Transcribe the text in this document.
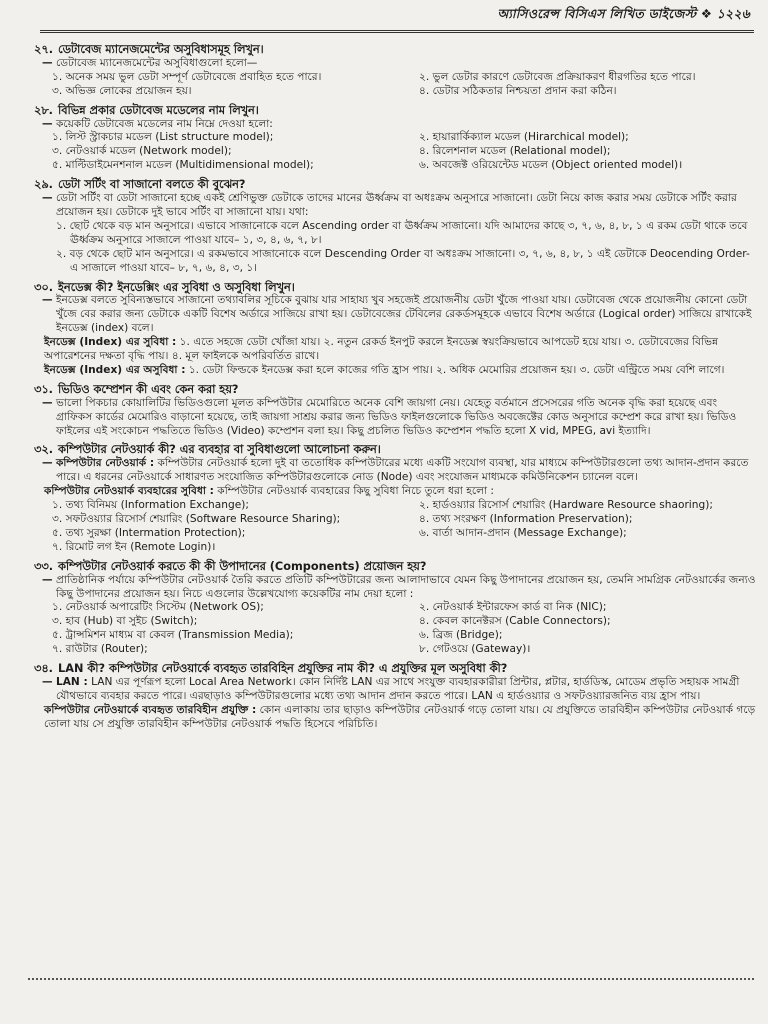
অ্যাসিওরেন্স বিসিএস লিখিত ডাইজেস্ট ❖ ১২২৬
২৭. ডেটাবেজ ম্যানেজমেন্টের অসুবিধাসমূহ লিখুন।
— ডেটাবেজ ম্যানেজমেন্টের অসুবিধাগুলো হলো—
১. অনেক সময় ভুল ডেটা সম্পূর্ণ ডেটাবেজে প্রবাহিত হতে পারে।	২. ভুল ডেটার কারণে ডেটাবেজ প্রক্রিয়াকরণ ধীরগতির হতে পারে।
৩. অভিজ্ঞ লোকের প্রয়োজন হয়।	৪. ডেটার সঠিকতার নিশ্চয়তা প্রদান করা কঠিন।
২৮. বিভিন্ন প্রকার ডেটাবেজ মডেলের নাম লিখুন।
— কয়েকটি ডেটাবেজ মডেলের নাম নিম্নে দেওয়া হলো:
১. লিস্ট স্ট্রাকচার মডেল (List structure model);	২. হায়ারার্কিক্যাল মডেল (Hirarchical model);
৩. নেটওয়ার্ক মডেল (Network model);	৪. রিলেশনাল মডেল (Relational model);
৫. মাল্টিডাইমেনশনাল মডেল (Multidimensional model);	৬. অবজেক্ট ওরিয়েন্টেড মডেল (Object oriented model)।
২৯. ডেটা সর্টিং বা সাজানো বলতে কী বুঝেন?
— ডেটা সর্টিং বা ডেটা সাজানো হচ্ছে একই শ্রেণিভুক্ত ডেটাকে তাদের মানের ঊর্ধ্বক্রম বা অধঃক্রম অনুসারে সাজানো। ডেটা নিয়ে কাজ করার সময় ডেটাকে সর্টিং করার প্রয়োজন হয়। ডেটাকে দুই ভাবে সর্টিং বা সাজানো যায়। যথা:
১. ছোট থেকে বড় মান অনুসারে। এভাবে সাজানোকে বলে Ascending order বা ঊর্ধ্বক্রম সাজানো। যদি আমাদের কাছে ৩, ৭, ৬, ৪, ৮, ১ এ রকম ডেটা থাকে তবে ঊর্ধ্বক্রম অনুসারে সাজালে পাওয়া যাবে– ১, ৩, ৪, ৬, ৭, ৮।
২. বড় থেকে ছোট মান অনুসারে। এ রকমভাবে সাজানোকে বলে Descending Order বা অধঃক্রম সাজানো। ৩, ৭, ৬, ৪, ৮, ১ এই ডেটাকে Deocending Order-এ সাজালে পাওয়া যাবে– ৮, ৭, ৬, ৪, ৩, ১।
৩০. ইনডেক্স কী? ইনডেক্সিং এর সুবিধা ও অসুবিধা লিখুন।
— ইনডেক্স বলতে সুবিন্যস্তভাবে সাজানো তথ্যাবলির সূচিকে বুঝায় যার সাহায্য খুব সহজেই প্রয়োজনীয় ডেটা খুঁজে পাওয়া যায়। ডেটাবেজ থেকে প্রয়োজনীয় কোনো ডেটা খুঁজে বের করার জন্য ডেটাকে একটি বিশেষ অর্ডারে সাজিয়ে রাখা হয়। ডেটাবেজের টেবিলের রেকর্ডসমূহকে এভাবে বিশেষ অর্ডারে (Logical order) সাজিয়ে রাখাকেই ইনডেক্স (index) বলে।
ইনডেক্স (Index) এর সুবিধা : ১. এতে সহজে ডেটা খোঁজা যায়। ২. নতুন রেকর্ড ইনপুট করলে ইনডেক্স স্বয়ংক্রিয়ভাবে আপডেট হয়ে যায়। ৩. ডেটাবেজের বিভিন্ন অপারেশনের দক্ষতা বৃদ্ধি পায়। ৪. মূল ফাইলকে অপরিবর্তিত রাখে।
ইনডেক্স (Index) এর অসুবিধা : ১. ডেটা ফিল্ডকে ইনডেক্স করা হলে কাজের গতি হ্রাস পায়। ২. অধিক মেমোরির প্রয়োজন হয়। ৩. ডেটা এন্ট্রিতে সময় বেশি লাগে।
৩১. ভিডিও কম্প্রেশন কী এবং কেন করা হয়?
— ভালো পিকচার কোয়ালিটির ভিডিওগুলো মূলত কম্পিউটার মেমোরিতে অনেক বেশি জায়গা নেয়। যেহেতু বর্তমানে প্রসেসরের গতি অনেক বৃদ্ধি করা হয়েছে এবং গ্রাফিকস কার্ডের মেমোরিও বাড়ানো হয়েছে, তাই জায়গা সাশ্রয় করার জন্য ভিডিও ফাইলগুলোকে ভিডিও অবজেক্টের কোড অনুসারে কম্প্রেশ করে রাখা হয়। ভিডিও ফাইলের এই সংকোচন পদ্ধতিতে ভিডিও (Video) কম্প্রেশন বলা হয়। কিছু প্রচলিত ভিডিও কম্প্রেশন পদ্ধতি হলো X vid, MPEG, avi ইত্যাদি।
৩২. কম্পিউটার নেটওয়ার্ক কী? এর ব্যবহার বা সুবিধাগুলো আলোচনা করুন।
— কম্পিউটার নেটওয়ার্ক : কম্পিউটার নেটওয়ার্ক হলো দুই বা ততোধিক কম্পিউটারের মধ্যে একটি সংযোগ ব্যবস্থা, যার মাধ্যমে কম্পিউটারগুলো তথ্য আদান-প্রদান করতে পারে। এ ধরনের নেটওয়ার্কে সাধারণত সংযোজিত কম্পিউটারগুলোকে নোড (Node) এবং সংযোজন মাধ্যমকে কমিউনিকেশন চ্যানেল বলে।
কম্পিউটার নেটওয়ার্ক ব্যবহারের সুবিধা : কম্পিউটার নেটওয়ার্ক ব্যবহারের কিছু সুবিধা নিচে তুলে ধরা হলো :
১. তথ্য বিনিময় (Information Exchange);	২. হার্ডওয়্যার রিসোর্স শেয়ারিং (Hardware Resource shaoring);
৩. সফটওয়্যার রিসোর্স শেয়ারিং (Software Resource Sharing);	৪. তথ্য সংরক্ষণ (Information Preservation);
৫. তথ্য সুরক্ষা (Intermation Protection);	৬. বার্তা আদান-প্রদান (Message Exchange);
৭. রিমোট লগ ইন (Remote Login)।
৩৩. কম্পিউটার নেটওয়ার্ক করতে কী কী উপাদানের (Components) প্রয়োজন হয়?
— প্রাতিষ্ঠানিক পর্যায়ে কম্পিউটার নেটওয়ার্ক তৈরি করতে প্রতিটি কম্পিউটারের জন্য আলাদাভাবে যেমন কিছু উপাদানের প্রয়োজন হয়, তেমনি সামগ্রিক নেটওয়ার্কের জন্যও কিছু উপাদানের প্রয়োজন হয়। নিচে এগুলোর উল্লেখযোগ্য কয়েকটির নাম দেয়া হলো :
১. নেটওয়ার্ক অপারেটিং সিস্টেম (Network OS);	২. নেটওয়ার্ক ইন্টারফেস কার্ড বা নিক (NIC);
৩. হাব (Hub) বা সুইচ (Switch);	৪. কেবল কানেক্টরস (Cable Connectors);
৫. ট্রান্সমিশন মাধ্যম বা কেবল (Transmission Media);	৬. ব্রিজ (Bridge);
৭. রাউটার (Router);	৮. গেটওয়ে (Gateway)।
৩৪. LAN কী? কম্পিউটার নেটওয়ার্কে ব্যবহৃত তারবিহিন প্রযুক্তির নাম কী? এ প্রযুক্তির মূল অসুবিধা কী?
— LAN : LAN এর পূর্ণরূপ হলো Local Area Network। কোন নির্দিষ্ট LAN এর সাথে সংযুক্ত ব্যবহারকারীরা প্রিন্টার, প্লটার, হার্ডডিস্ক, মোডেম প্রভৃতি সহায়ক সামগ্রী যৌথভাবে ব্যবহার করতে পারে। এরছাড়াও কম্পিউটারগুলোর মধ্যে তথ্য আদান প্রদান করতে পারে। LAN এ হার্ডওয়্যার ও সফটওয়্যারজনিত ব্যয় হ্রাস পায়।
কম্পিউটার নেটওয়ার্কে ব্যবহৃত তারবিহীন প্রযুক্তি : কোন এলাকায় তার ছাড়াও কম্পিউটার নেটওয়ার্ক গড়ে তোলা যায়। যে প্রযুক্তিতে তারবিহীন কম্পিউটার নেটওয়ার্ক গড়ে তোলা যায় সে প্রযুক্তি তারবিহীন কম্পিউটার নেটওয়ার্ক পদ্ধতি হিসেবে পরিচিতি।
